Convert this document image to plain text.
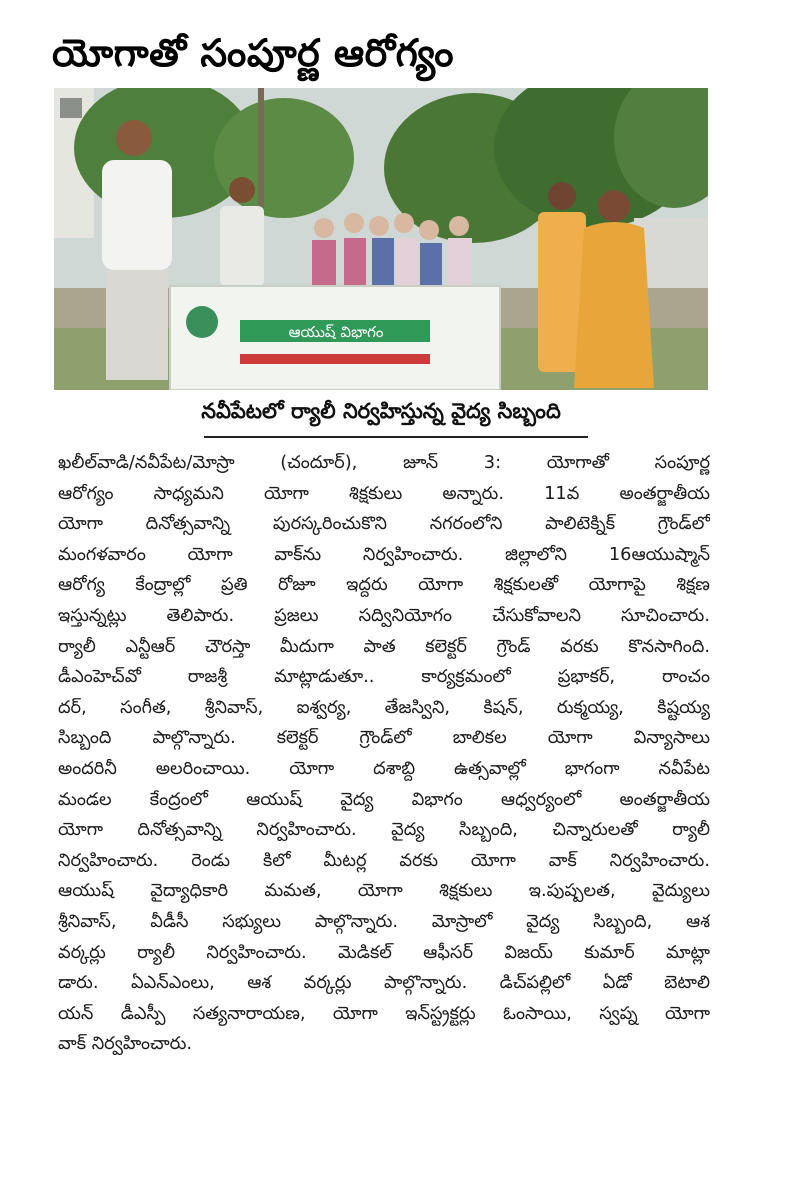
యోగాతో సంపూర్ణ ఆరోగ్యం
ఆయుష్ విభాగం
నవీపేటలో ర్యాలీ నిర్వహిస్తున్న వైద్య సిబ్బంది
ఖలీల్‌వాడి/నవీపేట/మోస్రా (చందూర్), జూన్ 3: యోగాతో సంపూర్ణ
ఆరోగ్యం సాధ్యమని యోగా శిక్షకులు అన్నారు. 11వ అంతర్జాతీయ
యోగా దినోత్సవాన్ని పురస్కరించుకొని నగరంలోని పాలిటెక్నిక్ గ్రౌండ్‌లో
మంగళవారం యోగా వాక్‌ను నిర్వహించారు. జిల్లాలోని 16ఆయుష్మాన్
ఆరోగ్య కేంద్రాల్లో ప్రతి రోజూ ఇద్దరు యోగా శిక్షకులతో యోగాపై శిక్షణ
ఇస్తున్నట్లు తెలిపారు. ప్రజలు సద్వినియోగం చేసుకోవాలని సూచించారు.
ర్యాలీ ఎన్టీఆర్ చౌరస్తా మీదుగా పాత కలెక్టర్ గ్రౌండ్ వరకు కొనసాగింది.
డీఎంహెచ్‌వో రాజశ్రీ మాట్లాడుతూ.. కార్యక్రమంలో ప్రభాకర్, రాంచం
దర్, సంగీత, శ్రీనివాస్, ఐశ్వర్య, తేజస్విని, కిషన్, రుక్మయ్య, కిష్టయ్య
సిబ్బంది పాల్గొన్నారు. కలెక్టర్ గ్రౌండ్‌లో బాలికల యోగా విన్యాసాలు
అందరినీ అలరించాయి. యోగా దశాబ్ది ఉత్సవాల్లో భాగంగా నవీపేట
మండల కేంద్రంలో ఆయుష్ వైద్య విభాగం ఆధ్వర్యంలో అంతర్జాతీయ
యోగా దినోత్సవాన్ని నిర్వహించారు. వైద్య సిబ్బంది, చిన్నారులతో ర్యాలీ
నిర్వహించారు. రెండు కిలో మీటర్ల వరకు యోగా వాక్ నిర్వహించారు.
ఆయుష్ వైద్యాధికారి మమత, యోగా శిక్షకులు ఇ.పుష్పలత, వైద్యులు
శ్రీనివాస్, వీడీసీ సభ్యులు పాల్గొన్నారు. మోస్రాలో వైద్య సిబ్బంది, ఆశ
వర్కర్లు ర్యాలీ నిర్వహించారు. మెడికల్ ఆఫీసర్ విజయ్ కుమార్ మాట్లా
డారు. ఏఎన్ఎంలు, ఆశ వర్కర్లు పాల్గొన్నారు. డిచ్‌పల్లిలో ఏడో బెటాలి
యన్ డీఎస్పీ సత్యనారాయణ, యోగా ఇన్‌స్ట్రక్టర్లు ఓంసాయి, స్వప్న యోగా
వాక్ నిర్వహించారు.
